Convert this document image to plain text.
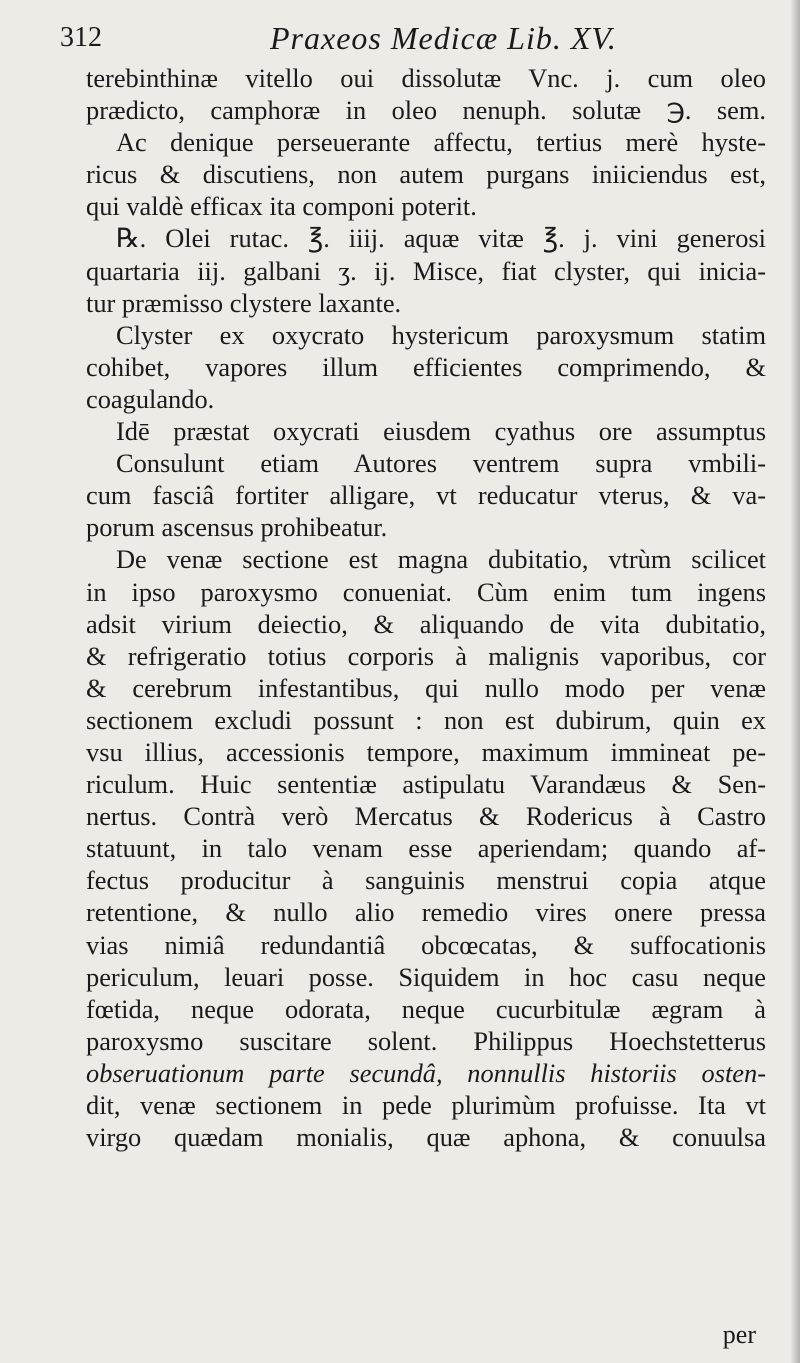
312	Praxeos Medicæ Lib. XV.
terebinthinæ vitello oui dissolutæ Vnc. j. cum oleo
prædicto, camphoræ in oleo nenuph. solutæ ℈. sem.
Ac denique perseuerante affectu, tertius merè hyste-
ricus & discutiens, non autem purgans iniiciendus est,
qui valdè efficax ita componi poterit.
℞. Olei rutac. ℥. iiij. aquæ vitæ ℥. j. vini generosi
quartaria iij. galbani ʒ. ij. Misce, fiat clyster, qui inicia-
tur præmisso clystere laxante.
Clyster ex oxycrato hystericum paroxysmum statim
cohibet, vapores illum efficientes comprimendo, &
coagulando.
Idē præstat oxycrati eiusdem cyathus ore assumptus
Consulunt etiam Autores ventrem supra vmbili-
cum fasciâ fortiter alligare, vt reducatur vterus, & va-
porum ascensus prohibeatur.
De venæ sectione est magna dubitatio, vtrùm scilicet
in ipso paroxysmo conueniat. Cùm enim tum ingens
adsit virium deiectio, & aliquando de vita dubitatio,
& refrigeratio totius corporis à malignis vaporibus, cor
& cerebrum infestantibus, qui nullo modo per venæ
sectionem excludi possunt : non est dubirum, quin ex
vsu illius, accessionis tempore, maximum immineat pe-
riculum. Huic sententiæ astipulatu Varandæus & Sen-
nertus. Contrà verò Mercatus & Rodericus à Castro
statuunt, in talo venam esse aperiendam; quando af-
fectus producitur à sanguinis menstrui copia atque
retentione, & nullo alio remedio vires onere pressa
vias nimiâ redundantiâ obcœcatas, & suffocationis
periculum, leuari posse. Siquidem in hoc casu neque
fœtida, neque odorata, neque cucurbitulæ ægram à
paroxysmo suscitare solent. Philippus Hoechstetterus
obseruationum parte secundâ, nonnullis historiis osten-
dit, venæ sectionem in pede plurimùm profuisse. Ita vt
virgo quædam monialis, quæ aphona, & conuulsa
per
